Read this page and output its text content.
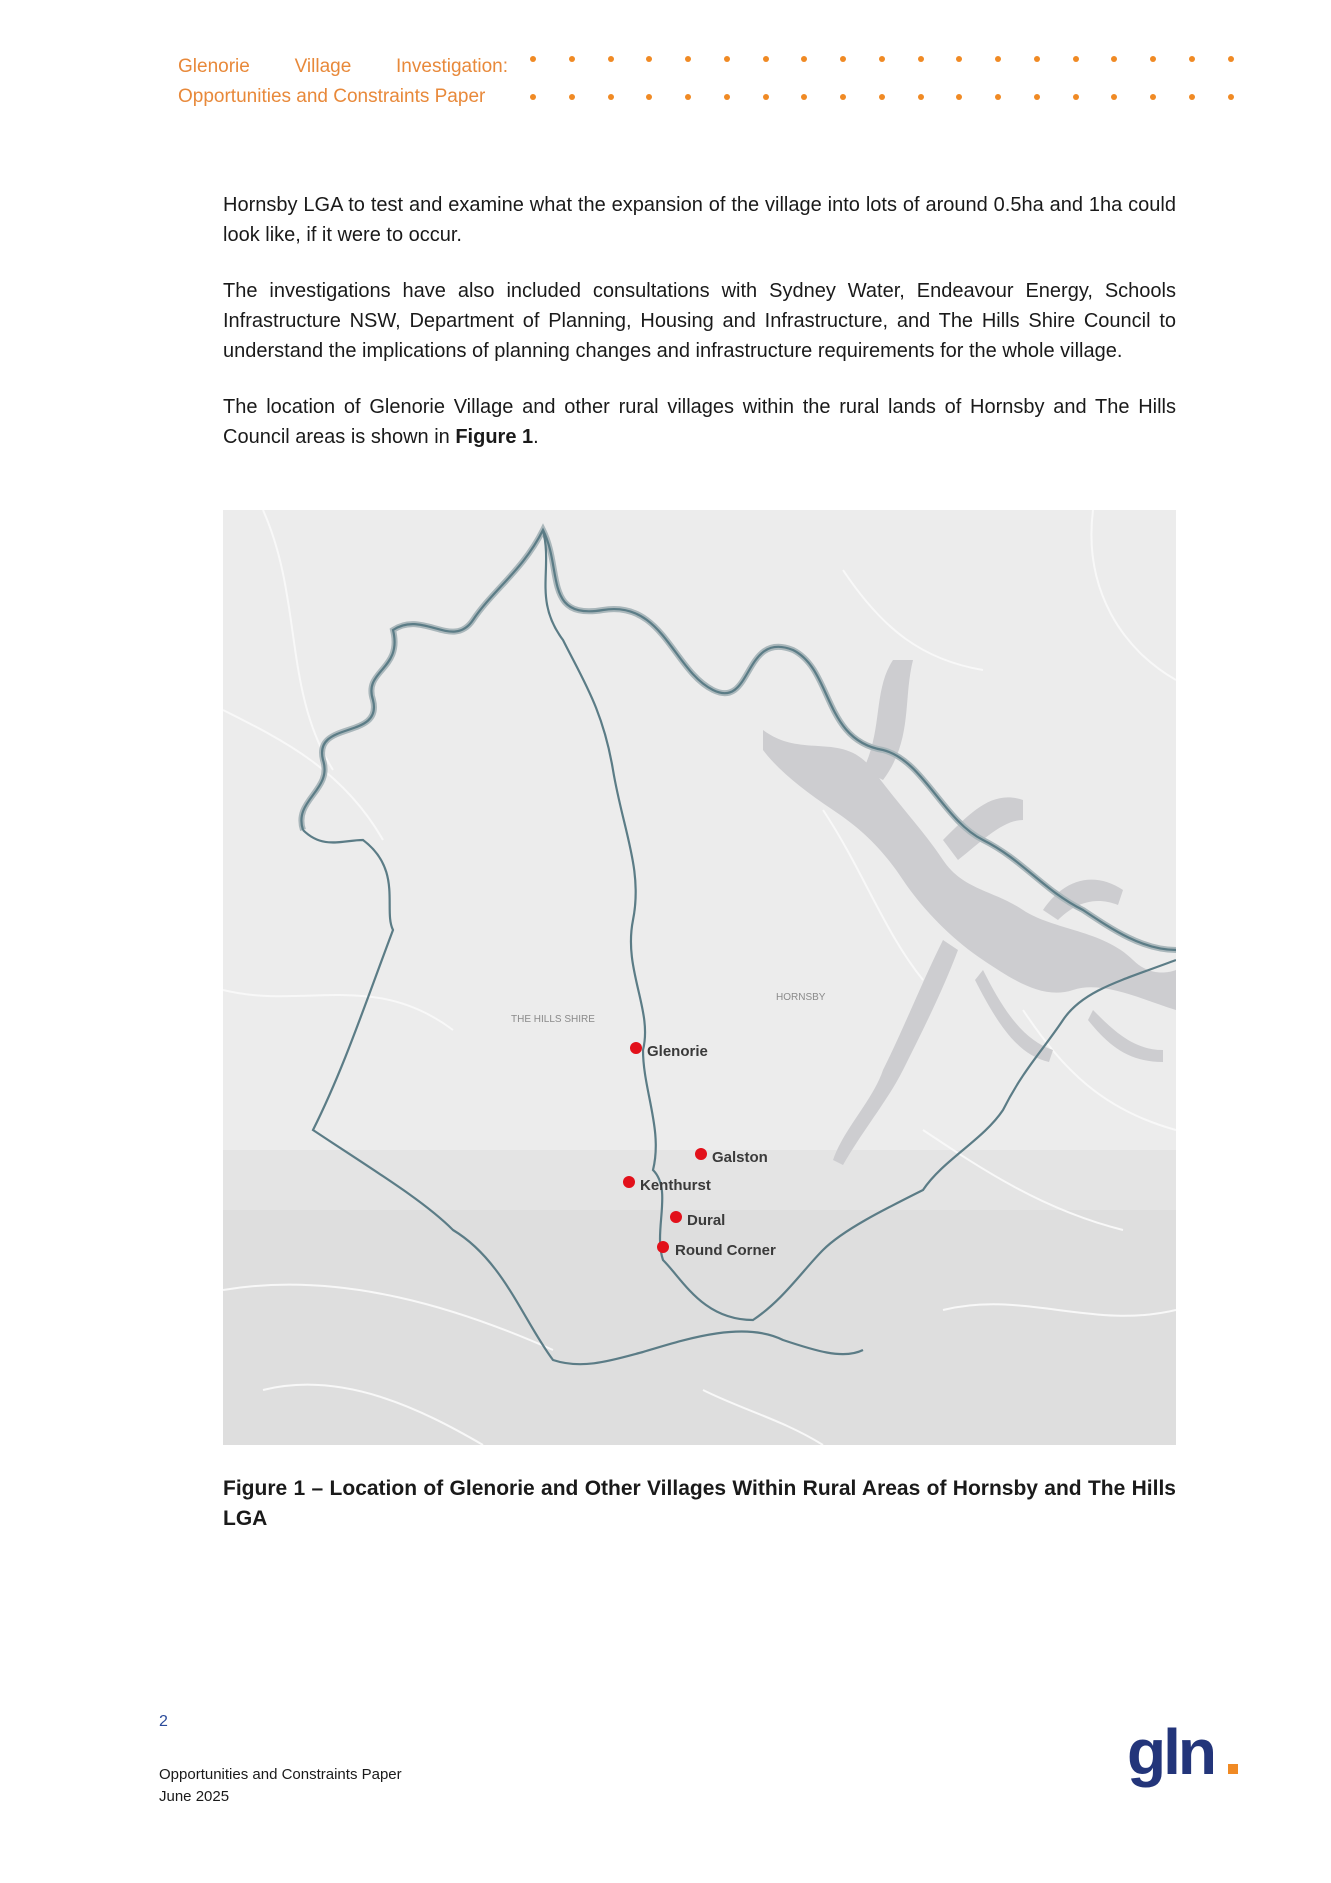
Glenorie Village Investigation:
Opportunities and Constraints Paper

Hornsby LGA to test and examine what the expansion of the village into lots of around 0.5ha and 1ha could look like, if it were to occur.

The investigations have also included consultations with Sydney Water, Endeavour Energy, Schools Infrastructure NSW, Department of Planning, Housing and Infrastructure, and The Hills Shire Council to understand the implications of planning changes and infrastructure requirements for the whole village.

The location of Glenorie Village and other rural villages within the rural lands of Hornsby and The Hills Council areas is shown in Figure 1.

THE HILLS SHIRE
HORNSBY
Glenorie
Galston
Kenthurst
Dural
Round Corner
Figure 1 – Location of Glenorie and Other Villages Within Rural Areas of Hornsby and The Hills LGA
2
Opportunities and Constraints Paper
June 2025
gln
